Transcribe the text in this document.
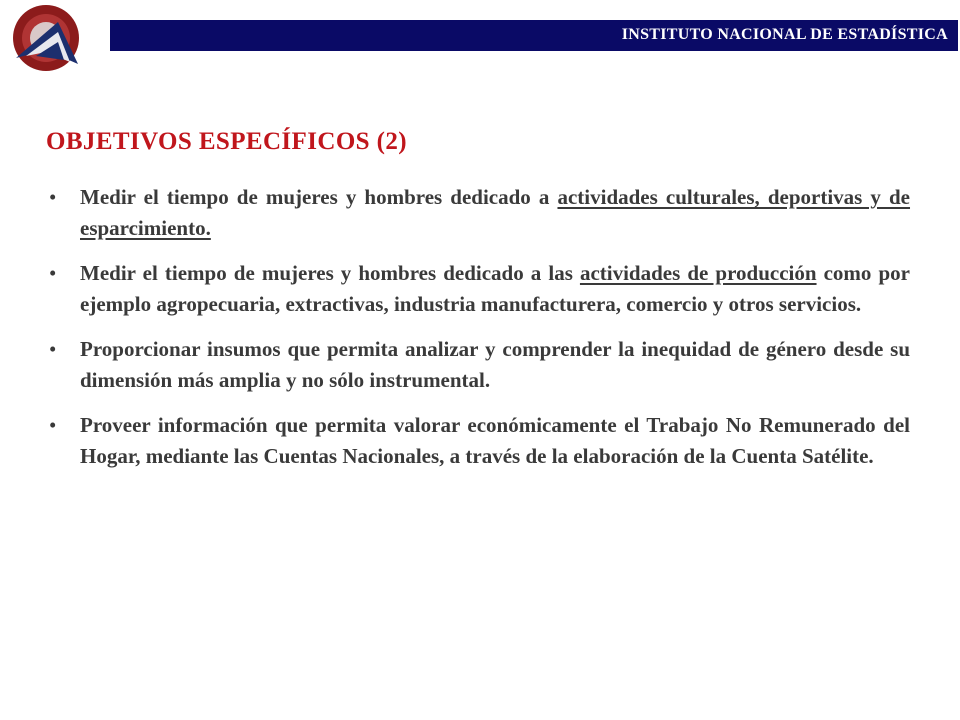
INSTITUTO NACIONAL DE ESTADÍSTICA
OBJETIVOS ESPECÍFICOS (2)
• Medir el tiempo de mujeres y hombres dedicado a actividades culturales, deportivas y de esparcimiento.
• Medir el tiempo de mujeres y hombres dedicado a las actividades de producción como por ejemplo agropecuaria, extractivas, industria manufacturera, comercio y otros servicios.
• Proporcionar insumos que permita analizar y comprender la inequidad de género desde su dimensión más amplia y no sólo instrumental.
• Proveer información que permita valorar económicamente el Trabajo No Remunerado del Hogar, mediante las Cuentas Nacionales, a través de la elaboración de la Cuenta Satélite.
